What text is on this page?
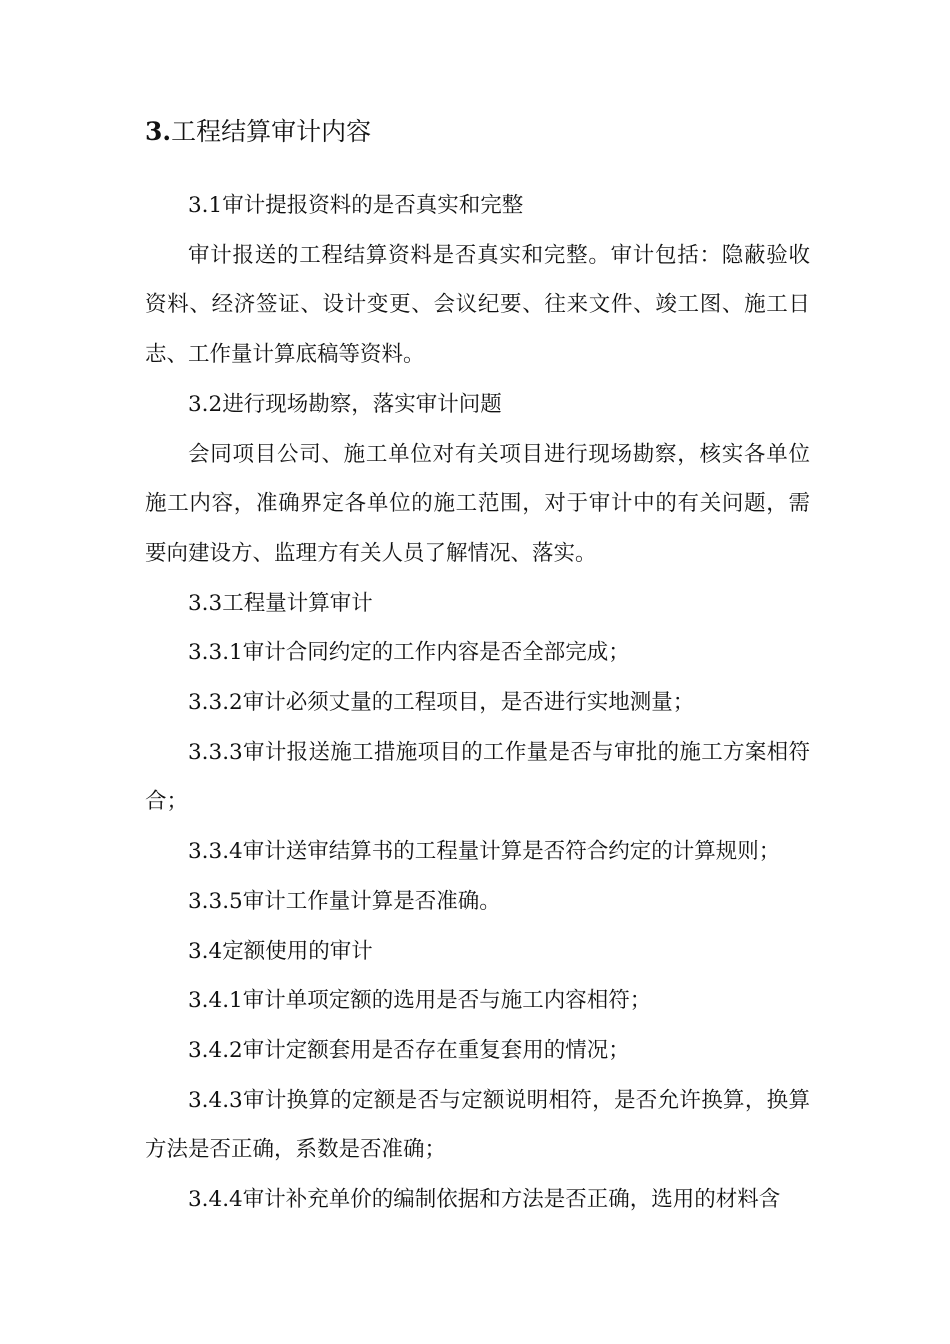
3.工程结算审计内容

3.1审计提报资料的是否真实和完整

审计报送的工程结算资料是否真实和完整。审计包括：隐蔽验收资料、经济签证、设计变更、会议纪要、往来文件、竣工图、施工日志、工作量计算底稿等资料。

3.2进行现场勘察，落实审计问题

会同项目公司、施工单位对有关项目进行现场勘察，核实各单位施工内容，准确界定各单位的施工范围，对于审计中的有关问题，需要向建设方、监理方有关人员了解情况、落实。

3.3工程量计算审计

3.3.1审计合同约定的工作内容是否全部完成；

3.3.2审计必须丈量的工程项目，是否进行实地测量；

3.3.3审计报送施工措施项目的工作量是否与审批的施工方案相符合；

3.3.4审计送审结算书的工程量计算是否符合约定的计算规则；

3.3.5审计工作量计算是否准确。

3.4定额使用的审计

3.4.1审计单项定额的选用是否与施工内容相符；

3.4.2审计定额套用是否存在重复套用的情况；

3.4.3审计换算的定额是否与定额说明相符，是否允许换算，换算方法是否正确，系数是否准确；

3.4.4审计补充单价的编制依据和方法是否正确，选用的材料含
